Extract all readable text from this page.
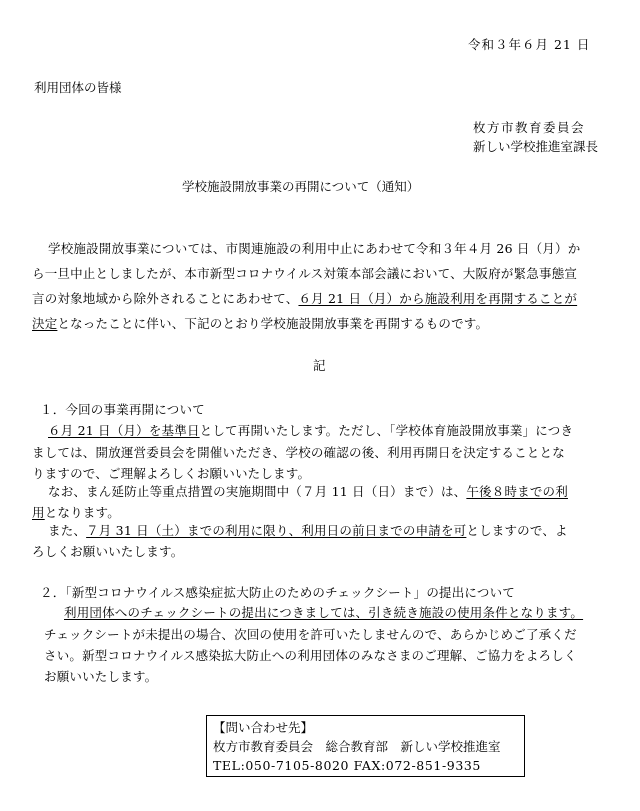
令和３年６月 21 日
利用団体の皆様
枚方市教育委員会
新しい学校推進室課長
学校施設開放事業の再開について（通知）
学校施設開放事業については、市関連施設の利用中止にあわせて令和３年４月 26 日（月）か
ら一旦中止としましたが、本市新型コロナウイルス対策本部会議において、大阪府が緊急事態宣
言の対象地域から除外されることにあわせて、６月 21 日（月）から施設利用を再開することが
決定となったことに伴い、下記のとおり学校施設開放事業を再開するものです。
記
１．今回の事業再開について
６月 21 日（月）を基準日として再開いたします。ただし、「学校体育施設開放事業」につき
ましては、開放運営委員会を開催いただき、学校の確認の後、利用再開日を決定することとな
りますので、ご理解よろしくお願いいたします。
なお、まん延防止等重点措置の実施期間中（７月 11 日（日）まで）は、午後８時までの利
用となります。
また、７月 31 日（土）までの利用に限り、利用日の前日までの申請を可としますので、よ
ろしくお願いいたします。
２．「新型コロナウイルス感染症拡大防止のためのチェックシート」の提出について
利用団体へのチェックシートの提出につきましては、引き続き施設の使用条件となります。
チェックシートが未提出の場合、次回の使用を許可いたしませんので、あらかじめご了承くだ
さい。新型コロナウイルス感染拡大防止への利用団体のみなさまのご理解、ご協力をよろしく
お願いいたします。
【問い合わせ先】
枚方市教育委員会　総合教育部　新しい学校推進室
TEL:050-7105-8020 FAX:072-851-9335
